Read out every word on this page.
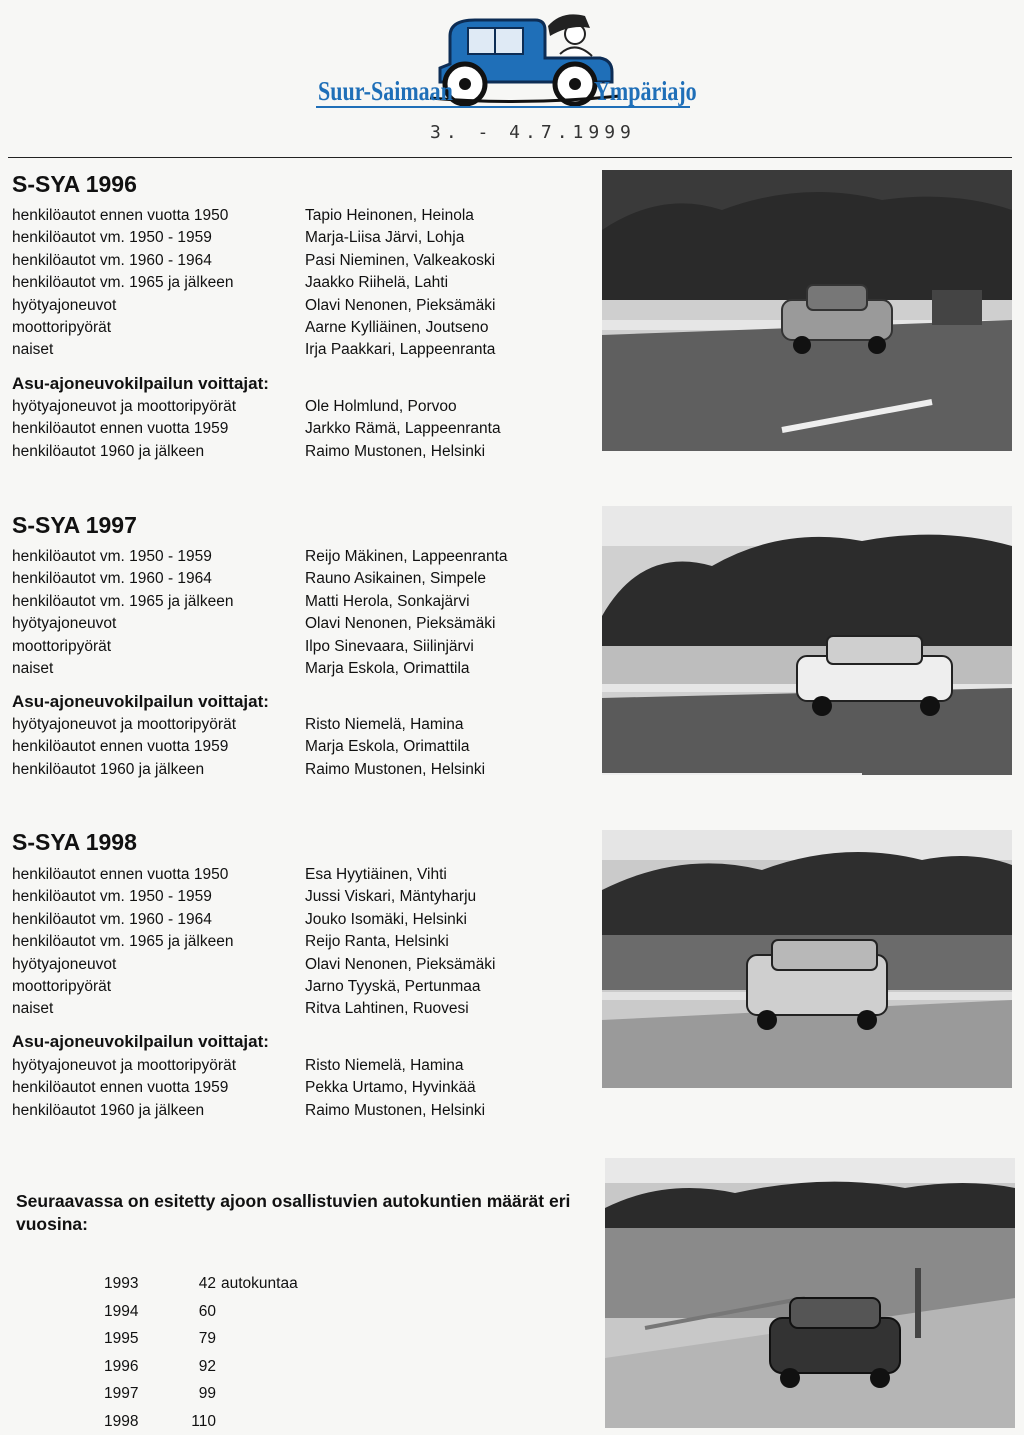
Suur-Saimaan	Ympäriajo
3. - 4.7.1999
S-SYA 1996
henkilöautot ennen vuotta 1950	Tapio Heinonen, Heinola
henkilöautot vm. 1950 - 1959	Marja-Liisa Järvi, Lohja
henkilöautot vm. 1960 - 1964	Pasi Nieminen, Valkeakoski
henkilöautot vm. 1965 ja jälkeen	Jaakko Riihelä, Lahti
hyötyajoneuvot	Olavi Nenonen, Pieksämäki
moottoripyörät	Aarne Kylliäinen, Joutseno
naiset	Irja Paakkari, Lappeenranta
Asu-ajoneuvokilpailun voittajat:
hyötyajoneuvot ja moottoripyörät	Ole Holmlund, Porvoo
henkilöautot ennen vuotta 1959	Jarkko Rämä, Lappeenranta
henkilöautot 1960 ja jälkeen	Raimo Mustonen, Helsinki
S-SYA 1997
henkilöautot vm. 1950 - 1959	Reijo Mäkinen, Lappeenranta
henkilöautot vm. 1960 - 1964	Rauno Asikainen, Simpele
henkilöautot vm. 1965 ja jälkeen	Matti Herola, Sonkajärvi
hyötyajoneuvot	Olavi Nenonen, Pieksämäki
moottoripyörät	Ilpo Sinevaara, Siilinjärvi
naiset	Marja Eskola, Orimattila
Asu-ajoneuvokilpailun voittajat:
hyötyajoneuvot ja moottoripyörät	Risto Niemelä, Hamina
henkilöautot ennen vuotta 1959	Marja Eskola, Orimattila
henkilöautot 1960 ja jälkeen	Raimo Mustonen, Helsinki
S-SYA 1998
henkilöautot ennen vuotta 1950	Esa Hyytiäinen, Vihti
henkilöautot vm. 1950 - 1959	Jussi Viskari, Mäntyharju
henkilöautot vm. 1960 - 1964	Jouko Isomäki, Helsinki
henkilöautot vm. 1965 ja jälkeen	Reijo Ranta, Helsinki
hyötyajoneuvot	Olavi Nenonen, Pieksämäki
moottoripyörät	Jarno Tyyskä, Pertunmaa
naiset	Ritva Lahtinen, Ruovesi
Asu-ajoneuvokilpailun voittajat:
hyötyajoneuvot ja moottoripyörät	Risto Niemelä, Hamina
henkilöautot ennen vuotta 1959	Pekka Urtamo, Hyvinkää
henkilöautot 1960 ja jälkeen	Raimo Mustonen, Helsinki
Seuraavassa on esitetty ajoon osallistuvien autokuntien määrät eri vuosina:
1993	42 autokuntaa
1994	60
1995	79
1996	92
1997	99
1998	110
